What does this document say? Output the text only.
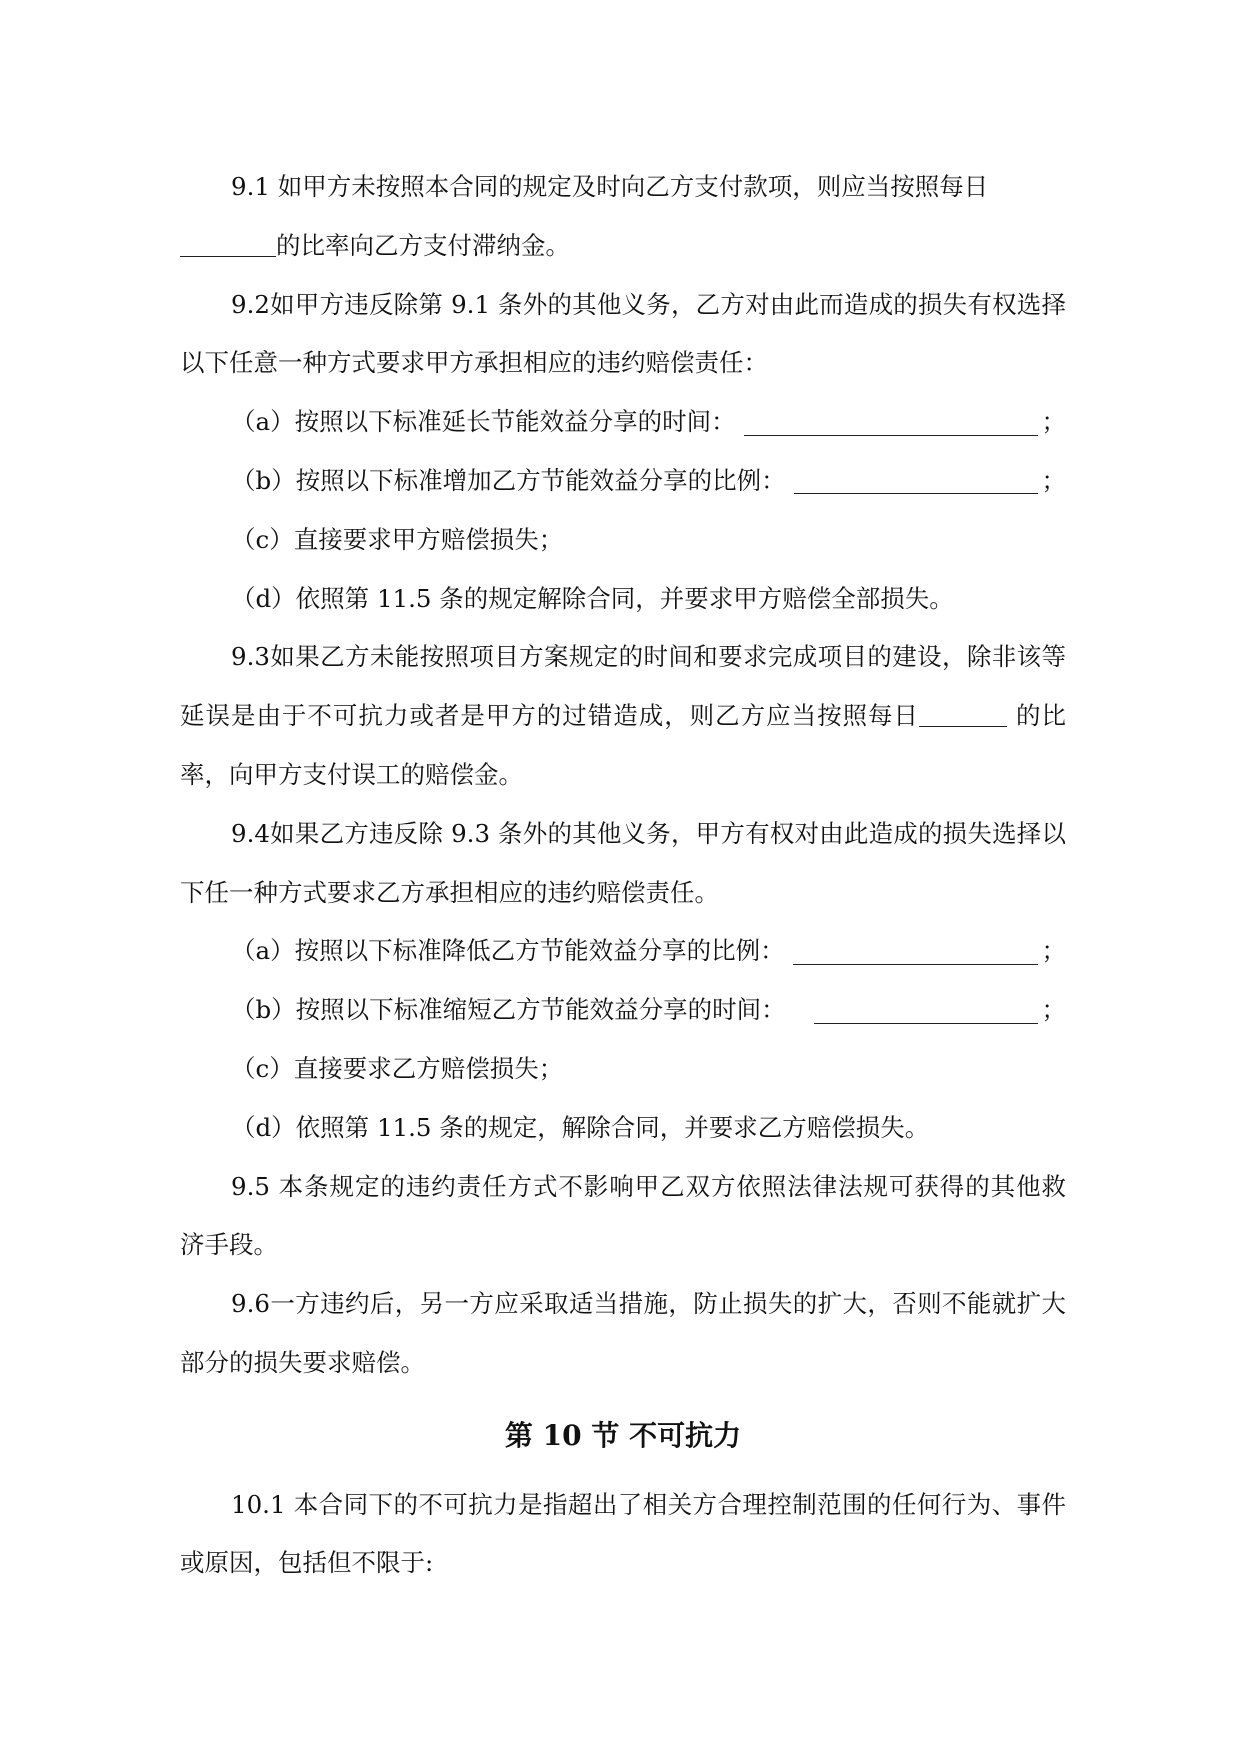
9.1 如甲方未按照本合同的规定及时向乙方支付款项，则应当按照每日
的比率向乙方支付滞纳金。
9.2如甲方违反除第 9.1 条外的其他义务，乙方对由此而造成的损失有权选择
以下任意一种方式要求甲方承担相应的违约赔偿责任：
（a）按照以下标准延长节能效益分享的时间：	；
（b）按照以下标准增加乙方节能效益分享的比例：	；
（c）直接要求甲方赔偿损失；
（d）依照第 11.5 条的规定解除合同，并要求甲方赔偿全部损失。
9.3如果乙方未能按照项目方案规定的时间和要求完成项目的建设，除非该等
延误是由于不可抗力或者是甲方的过错造成，则乙方应当按照每日	的比
率，向甲方支付误工的赔偿金。
9.4如果乙方违反除 9.3 条外的其他义务，甲方有权对由此造成的损失选择以
下任一种方式要求乙方承担相应的违约赔偿责任。
（a）按照以下标准降低乙方节能效益分享的比例：	；
（b）按照以下标准缩短乙方节能效益分享的时间：	；
（c）直接要求乙方赔偿损失；
（d）依照第 11.5 条的规定，解除合同，并要求乙方赔偿损失。
9.5 本条规定的违约责任方式不影响甲乙双方依照法律法规可获得的其他救
济手段。
9.6一方违约后，另一方应采取适当措施，防止损失的扩大，否则不能就扩大
部分的损失要求赔偿。
第 10 节 不可抗力
10.1 本合同下的不可抗力是指超出了相关方合理控制范围的任何行为、事件
或原因，包括但不限于:
